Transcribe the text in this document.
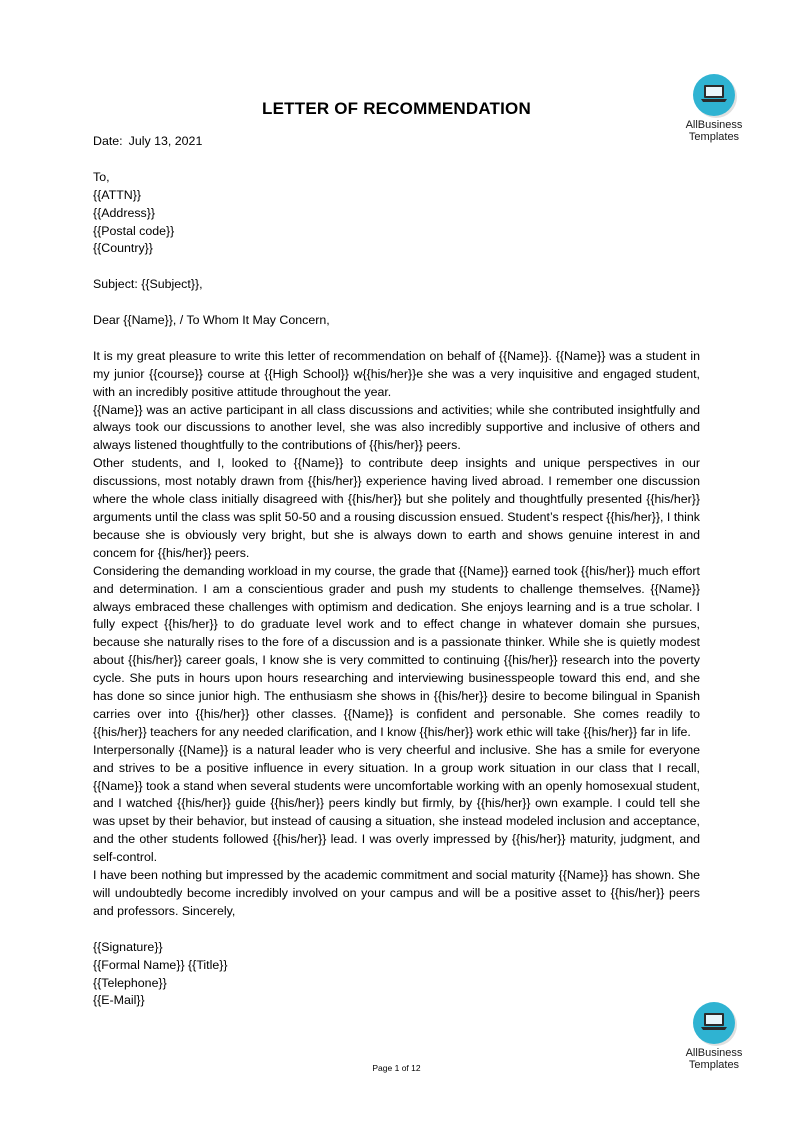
AllBusiness
Templates
LETTER OF RECOMMENDATION

Date: July 13, 2021

To,

{{ATTN}}

{{Address}}

{{Postal code}}

{{Country}}

Subject: {{Subject}},

Dear {{Name}}, / To Whom It May Concern,

It is my great pleasure to write this letter of recommendation on behalf of {{Name}}. {{Name}} was a student in my junior {{course}} course at {{High School}} w{{his/her}}e she was a very inquisitive and engaged student, with an incredibly positive attitude throughout the year.

{{Name}} was an active participant in all class discussions and activities; while she contributed insightfully and always took our discussions to another level, she was also incredibly supportive and inclusive of others and always listened thoughtfully to the contributions of {{his/her}} peers.

Other students, and I, looked to {{Name}} to contribute deep insights and unique perspectives in our discussions, most notably drawn from {{his/her}} experience having lived abroad. I remember one discussion where the whole class initially disagreed with {{his/her}} but she politely and thoughtfully presented {{his/her}} arguments until the class was split 50-50 and a rousing discussion ensued. Student’s respect {{his/her}}, I think because she is obviously very bright, but she is always down to earth and shows genuine interest in and concem for {{his/her}} peers.

Considering the demanding workload in my course, the grade that {{Name}} earned took {{his/her}} much effort and determination. I am a conscientious grader and push my students to challenge themselves. {{Name}} always embraced these challenges with optimism and dedication. She enjoys learning and is a true scholar. I fully expect {{his/her}} to do graduate level work and to effect change in whatever domain she pursues, because she naturally rises to the fore of a discussion and is a passionate thinker. While she is quietly modest about {{his/her}} career goals, I know she is very committed to continuing {{his/her}} research into the poverty cycle. She puts in hours upon hours researching and interviewing businesspeople toward this end, and she has done so since junior high. The enthusiasm she shows in {{his/her}} desire to become bilingual in Spanish carries over into {{his/her}} other classes. {{Name}} is confident and personable. She comes readily to {{his/her}} teachers for any needed clarification, and I know {{his/her}} work ethic will take {{his/her}} far in life.

Interpersonally {{Name}} is a natural leader who is very cheerful and inclusive. She has a smile for everyone and strives to be a positive influence in every situation. In a group work situation in our class that I recall, {{Name}} took a stand when several students were uncomfortable working with an openly homosexual student, and I watched {{his/her}} guide {{his/her}} peers kindly but firmly, by {{his/her}} own example. I could tell she was upset by their behavior, but instead of causing a situation, she instead modeled inclusion and acceptance, and the other students followed {{his/her}} lead. I was overly impressed by {{his/her}} maturity, judgment, and self-control.

I have been nothing but impressed by the academic commitment and social maturity {{Name}} has shown. She will undoubtedly become incredibly involved on your campus and will be a positive asset to {{his/her}} peers and professors. Sincerely,

{{Signature}}

{{Formal Name}} {{Title}}

{{Telephone}}

{{E-Mail}}

AllBusiness
Templates
Page 1 of 12
